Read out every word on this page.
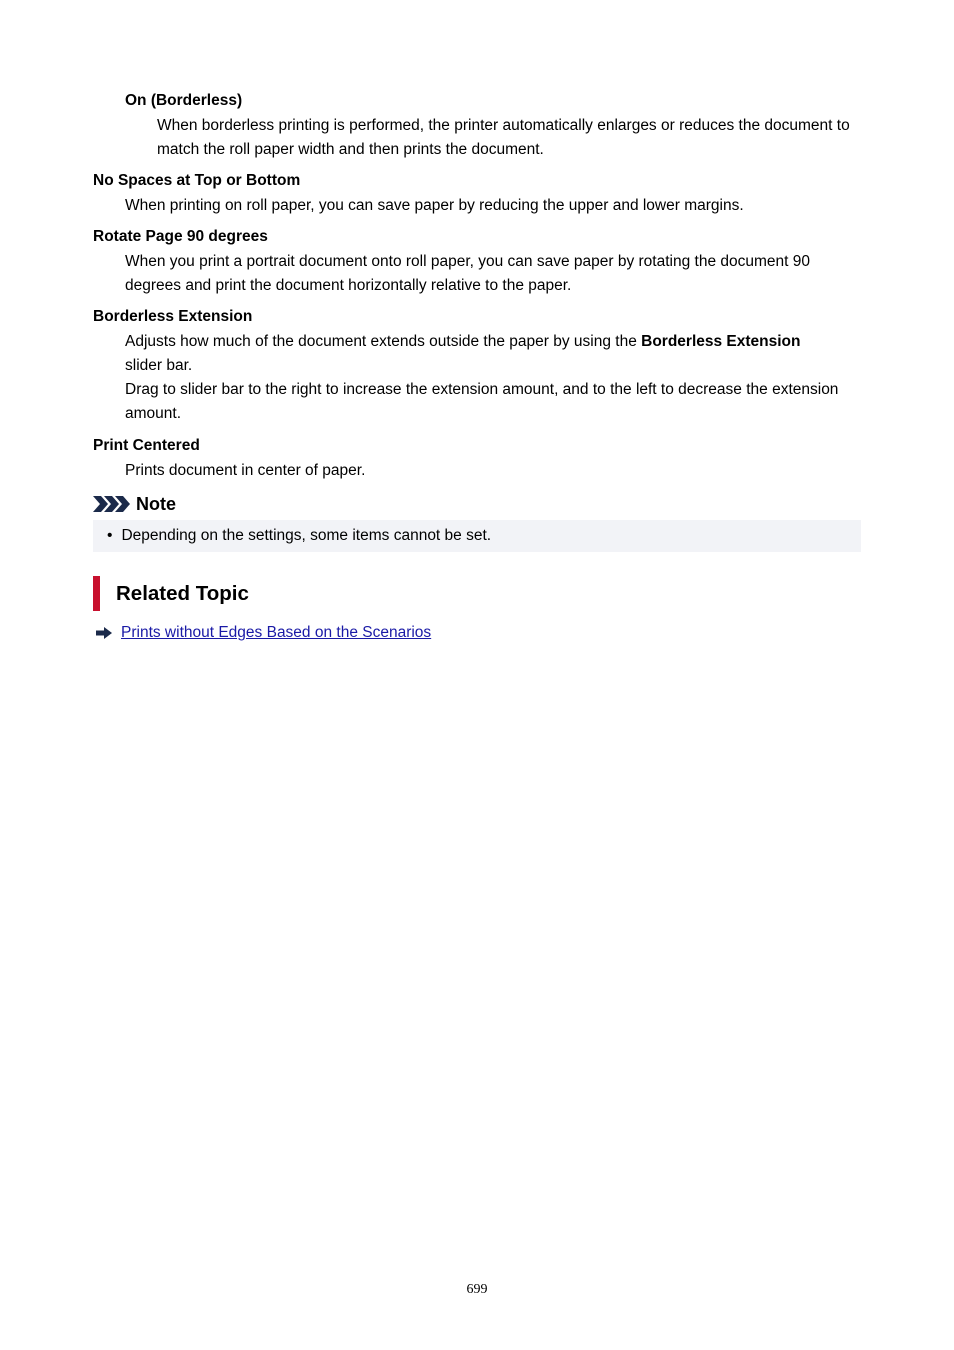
On (Borderless)

When borderless printing is performed, the printer automatically enlarges or reduces the document to match the roll paper width and then prints the document.

No Spaces at Top or Bottom

When printing on roll paper, you can save paper by reducing the upper and lower margins.

Rotate Page 90 degrees

When you print a portrait document onto roll paper, you can save paper by rotating the document 90 degrees and print the document horizontally relative to the paper.

Borderless Extension

Adjusts how much of the document extends outside the paper by using the Borderless Extension slider bar.

Drag to slider bar to the right to increase the extension amount, and to the left to decrease the extension amount.

Print Centered

Prints document in center of paper.

Note
• Depending on the settings, some items cannot be set.
Related Topic
Prints without Edges Based on the Scenarios
699
